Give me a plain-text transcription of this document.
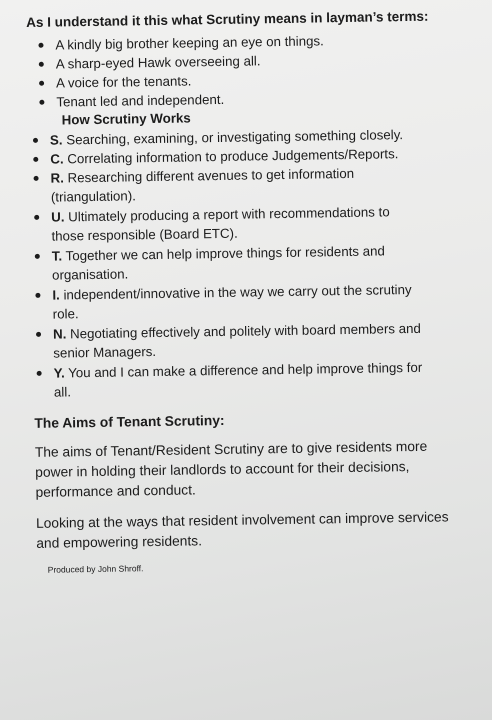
As I understand it this what Scrutiny means in layman’s terms:

A kindly big brother keeping an eye on things.
A sharp-eyed Hawk overseeing all.
A voice for the tenants.
Tenant led and independent.

How Scrutiny Works

S. Searching, examining, or investigating something closely.
C. Correlating information to produce Judgements/Reports.
R. Researching different avenues to get information
(triangulation).
U. Ultimately producing a report with recommendations to
those responsible (Board ETC).
T. Together we can help improve things for residents and
organisation.
I. independent/innovative in the way we carry out the scrutiny
role.
N. Negotiating effectively and politely with board members and
senior Managers.
Y. You and I can make a difference and help improve things for
all.

The Aims of Tenant Scrutiny:

The aims of Tenant/Resident Scrutiny are to give residents more power in holding their landlords to account for their decisions, performance and conduct.

Looking at the ways that resident involvement can improve services and empowering residents.

Produced by John Shroff.
